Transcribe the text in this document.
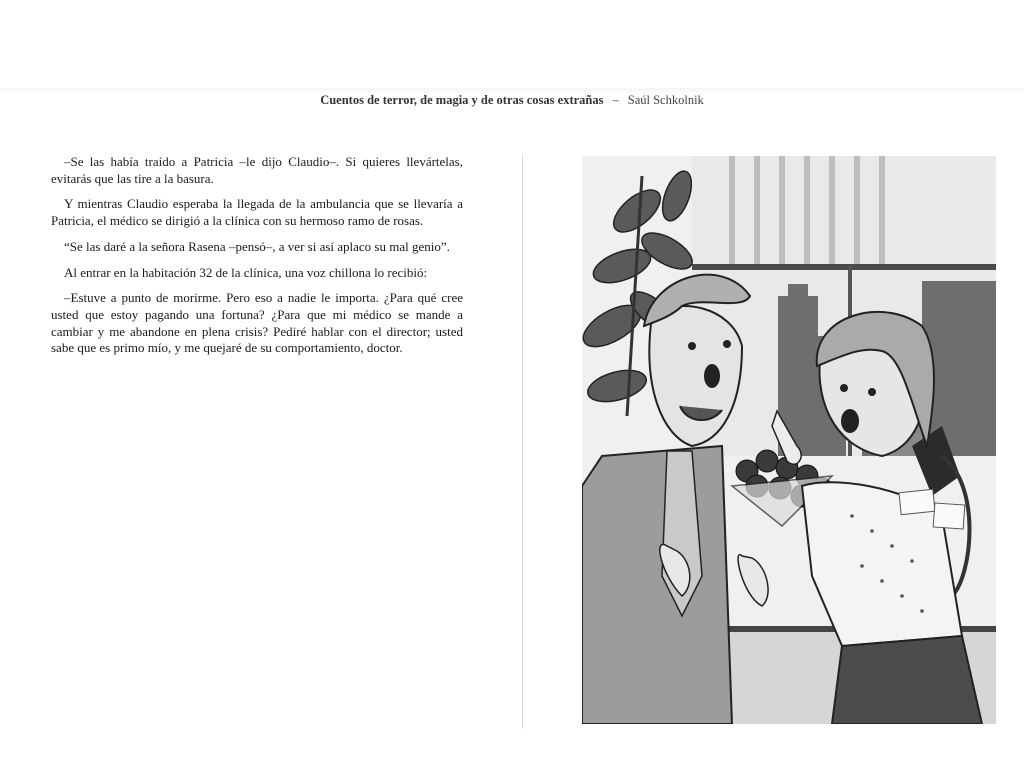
Cuentos de terror, de magia y de otras cosas extrañas – Saúl Schkolnik

–Se las había traído a Patricia –le dijo Claudio–. Si quieres llevártelas, evitarás que las tire a la basura.

Y mientras Claudio esperaba la llegada de la ambulancia que se llevaría a Patricia, el médico se dirigió a la clínica con su hermoso ramo de rosas.

“Se las daré a la señora Rasena –pensó–, a ver si así aplaco su mal genio”.

Al entrar en la habitación 32 de la clínica, una voz chillona lo recibió:

–Estuve a punto de morirme. Pero eso a nadie le importa. ¿Para qué cree usted que estoy pagando una fortuna? ¿Para que mi médico se mande a cambiar y me abandone en plena crisis? Pediré hablar con el director; usted sabe que es primo mío, y me quejaré de su comportamiento, doctor.
